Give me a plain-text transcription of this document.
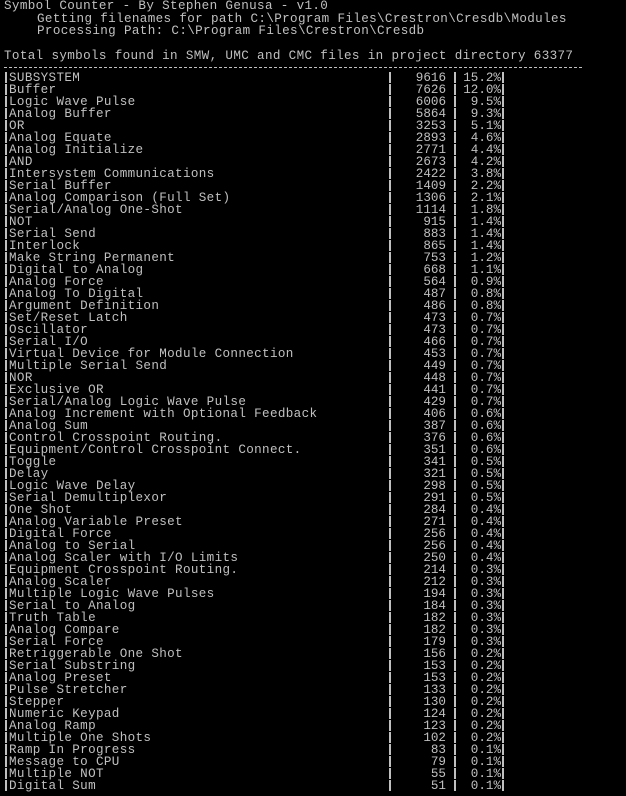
Symbol Counter - By Stephen Genusa - v1.0
Getting filenames for path C:\Program Files\Crestron\Cresdb\Modules
Processing Path: C:\Program Files\Crestron\Cresdb
Total symbols found in SMW, UMC and CMC files in project directory 63377
SUBSYSTEM	9616	15.2%
Buffer	7626	12.0%
Logic Wave Pulse	6006	9.5%
Analog Buffer	5864	9.3%
OR	3253	5.1%
Analog Equate	2893	4.6%
Analog Initialize	2771	4.4%
AND	2673	4.2%
Intersystem Communications	2422	3.8%
Serial Buffer	1409	2.2%
Analog Comparison (Full Set)	1306	2.1%
Serial/Analog One-Shot	1114	1.8%
NOT	915	1.4%
Serial Send	883	1.4%
Interlock	865	1.4%
Make String Permanent	753	1.2%
Digital to Analog	668	1.1%
Analog Force	564	0.9%
Analog To Digital	487	0.8%
Argument Definition	486	0.8%
Set/Reset Latch	473	0.7%
Oscillator	473	0.7%
Serial I/O	466	0.7%
Virtual Device for Module Connection	453	0.7%
Multiple Serial Send	449	0.7%
NOR	448	0.7%
Exclusive OR	441	0.7%
Serial/Analog Logic Wave Pulse	429	0.7%
Analog Increment with Optional Feedback	406	0.6%
Analog Sum	387	0.6%
Control Crosspoint Routing.	376	0.6%
Equipment/Control Crosspoint Connect.	351	0.6%
Toggle	341	0.5%
Delay	321	0.5%
Logic Wave Delay	298	0.5%
Serial Demultiplexor	291	0.5%
One Shot	284	0.4%
Analog Variable Preset	271	0.4%
Digital Force	256	0.4%
Analog to Serial	256	0.4%
Analog Scaler with I/O Limits	250	0.4%
Equipment Crosspoint Routing.	214	0.3%
Analog Scaler	212	0.3%
Multiple Logic Wave Pulses	194	0.3%
Serial to Analog	184	0.3%
Truth Table	182	0.3%
Analog Compare	182	0.3%
Serial Force	179	0.3%
Retriggerable One Shot	156	0.2%
Serial Substring	153	0.2%
Analog Preset	153	0.2%
Pulse Stretcher	133	0.2%
Stepper	130	0.2%
Numeric Keypad	124	0.2%
Analog Ramp	123	0.2%
Multiple One Shots	102	0.2%
Ramp In Progress	83	0.1%
Message to CPU	79	0.1%
Multiple NOT	55	0.1%
Digital Sum	51	0.1%
